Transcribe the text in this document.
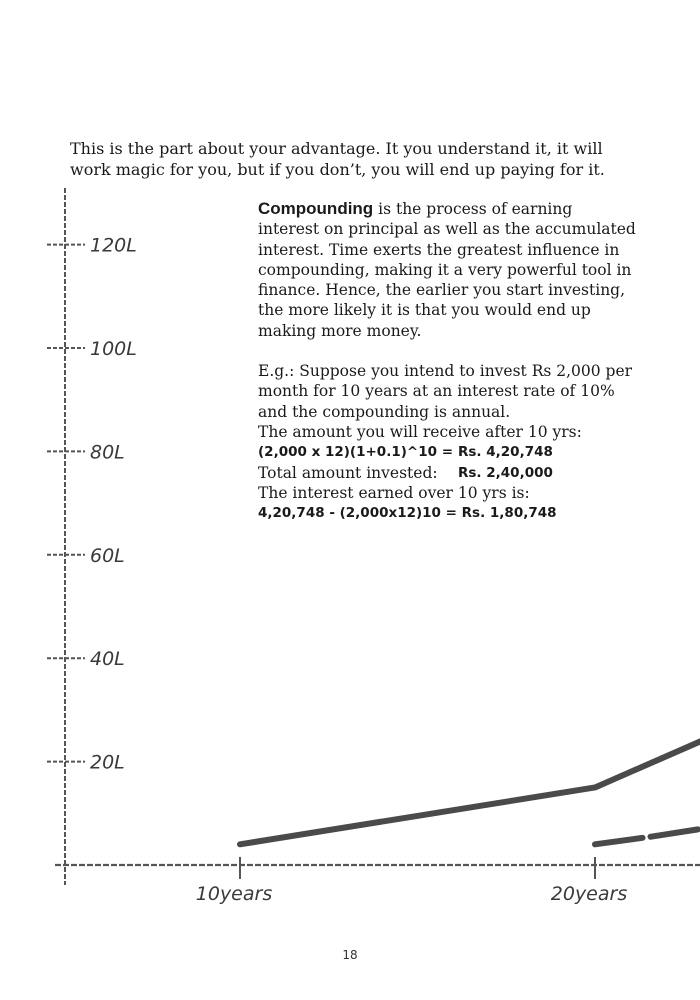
20L
40L
60L
80L
100L
120L
10years	20years
This is the part about your advantage. It you understand it, it will work magic for you, but if you don’t, you will end up paying for it.
Compounding is the process of earning interest on principal as well as the accumulated interest. Time exerts the greatest influence in compounding, making it a very powerful tool in finance. Hence, the earlier you start investing, the more likely it is that you would end up making more money.
E.g.: Suppose you intend to invest Rs 2,000 per month for 10 years at an interest rate of 10% and the compounding is annual.
The amount you will receive after 10 yrs:
(2,000 x 12)(1+0.1)^10 = Rs. 4,20,748
Total amount invested:	Rs. 2,40,000
The interest earned over 10 yrs is:
4,20,748 - (2,000x12)10 = Rs. 1,80,748
18
